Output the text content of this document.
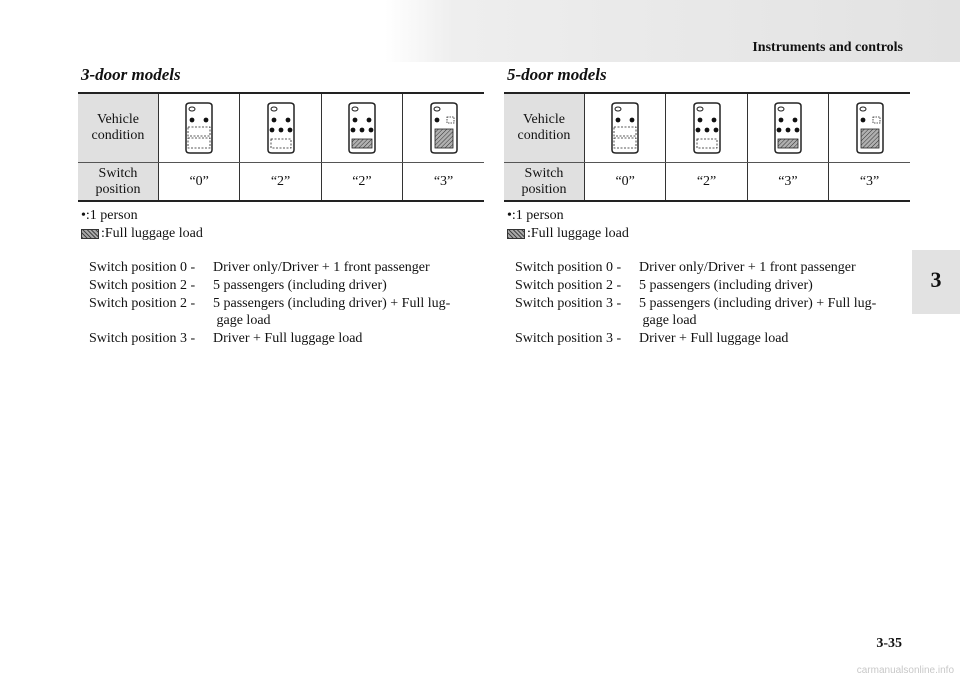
Instruments and controls
3
3-door models
Vehicle condition	

Switch position	“0”	“2”	“2”	“3”
•:1 person
:Full luggage load
Switch position 0 -	Driver only/Driver + 1 front passenger
Switch position 2 -	5 passengers (including driver)
Switch position 2 -	5 passengers (including driver) + Full lug- gage load
Switch position 3 -	Driver + Full luggage load
5-door models
Vehicle condition	

Switch position	“0”	“2”	“3”	“3”
•:1 person
:Full luggage load
Switch position 0 -	Driver only/Driver + 1 front passenger
Switch position 2 -	5 passengers (including driver)
Switch position 3 -	5 passengers (including driver) + Full lug- gage load
Switch position 3 -	Driver + Full luggage load
3-35
carmanualsonline.info
